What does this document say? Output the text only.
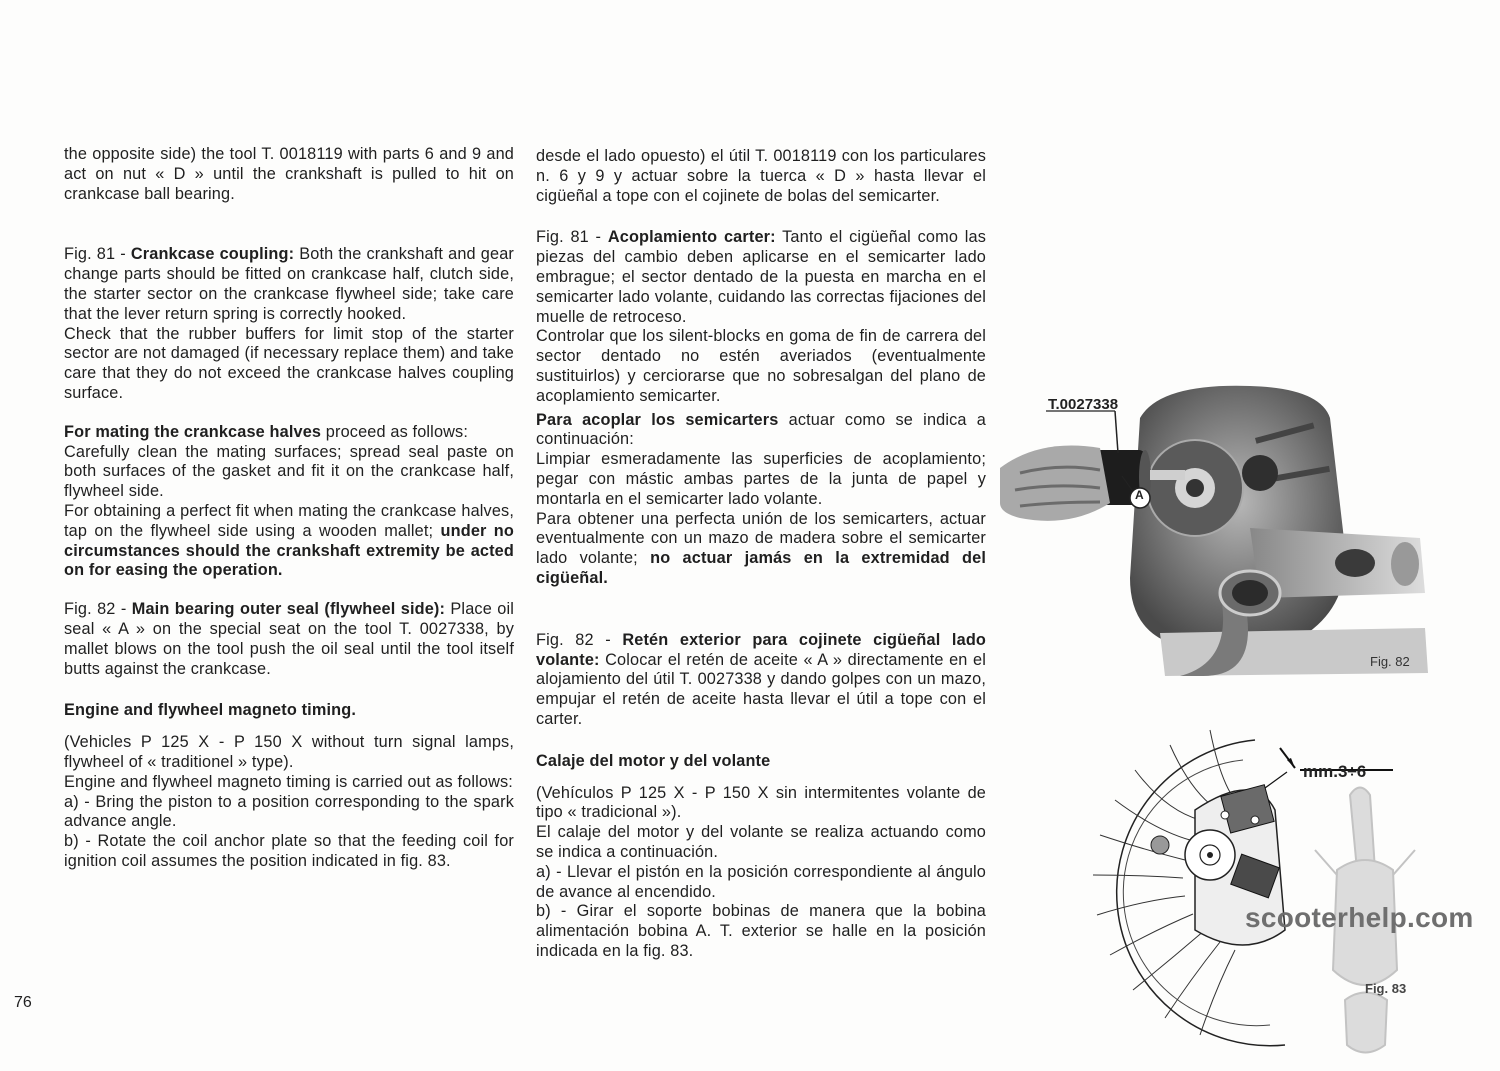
the opposite side) the tool T. 0018119 with parts 6 and 9 and act on nut « D » until the crankshaft is pulled to hit on crankcase ball bearing.

Fig. 81 - Crankcase coupling: Both the crankshaft and gear change parts should be fitted on crankcase half, clutch side, the starter sector on the crankcase flywheel side; take care that the lever return spring is correctly hooked.

Check that the rubber buffers for limit stop of the starter sector are not damaged (if necessary replace them) and take care that they do not exceed the crankcase halves coupling surface.

For mating the crankcase halves proceed as follows:

Carefully clean the mating surfaces; spread seal paste on both surfaces of the gasket and fit it on the crankcase half, flywheel side.

For obtaining a perfect fit when mating the crankcase halves, tap on the flywheel side using a wooden mallet; under no circumstances should the crankshaft extremity be acted on for easing the operation.

Fig. 82 - Main bearing outer seal (flywheel side): Place oil seal « A » on the special seat on the tool T. 0027338, by mallet blows on the tool push the oil seal until the tool itself butts against the crankcase.

Engine and flywheel magneto timing.

(Vehicles P 125 X - P 150 X without turn signal lamps, flywheel of « traditionel » type).

Engine and flywheel magneto timing is carried out as follows:

a) - Bring the piston to a position corresponding to the spark advance angle.

b) - Rotate the coil anchor plate so that the feeding coil for ignition coil assumes the position indicated in fig. 83.

desde el lado opuesto) el útil T. 0018119 con los particulares n. 6 y 9 y actuar sobre la tuerca « D » hasta llevar el cigüeñal a tope con el cojinete de bolas del semicarter.

Fig. 81 - Acoplamiento carter: Tanto el cigüeñal como las piezas del cambio deben aplicarse en el semicarter lado embrague; el sector dentado de la puesta en marcha en el semicarter lado volante, cuidando las correctas fijaciones del muelle de retroceso.

Controlar que los silent-blocks en goma de fin de carrera del sector dentado no estén averiados (eventualmente sustituirlos) y cerciorarse que no sobresalgan del plano de acoplamiento semicarter.

Para acoplar los semicarters actuar como se indica a continuación:

Limpiar esmeradamente las superficies de acoplamiento; pegar con mástic ambas partes de la junta de papel y montarla en el semicarter lado volante.

Para obtener una perfecta unión de los semicarters, actuar eventualmente con un mazo de madera sobre el semicarter lado volante; no actuar jamás en la extremidad del cigüeñal.

Fig. 82 - Retén exterior para cojinete cigüeñal lado volante: Colocar el retén de aceite « A » directamente en el alojamiento del útil T. 0027338 y dando golpes con un mazo, empujar el retén de aceite hasta llevar el útil a tope con el carter.

Calaje del motor y del volante

(Vehículos P 125 X - P 150 X sin intermitentes volante de tipo « tradicional »).

El calaje del motor y del volante se realiza actuando como se indica a continuación.

a) - Llevar el pistón en la posición correspondiente al ángulo de avance al encendido.

b) - Girar el soporte bobinas de manera que la bobina alimentación bobina A. T. exterior se halle en la posición indicada en la fig. 83.

76
T.0027338
A
Fig. 82
mm.3÷6
Fig. 83
scooterhelp.com
